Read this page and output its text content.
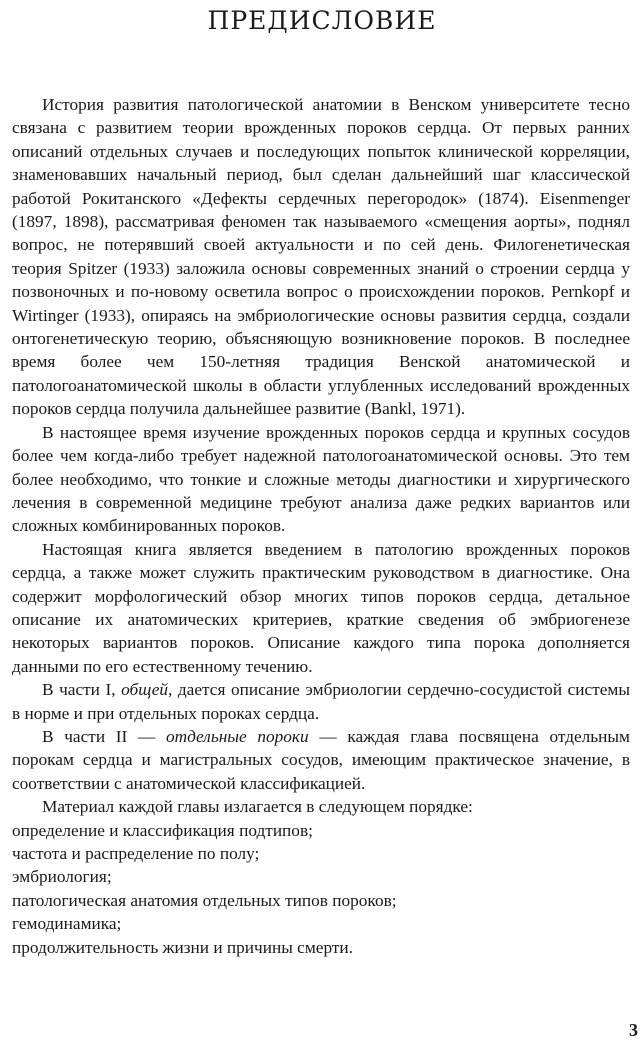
ПРЕДИСЛОВИЕ

История развития патологической анатомии в Венском университете тесно связана с развитием теории врожденных пороков сердца. От первых ранних описаний отдельных случаев и последующих попыток клинической корреляции, знаменовавших начальный период, был сделан дальнейший шаг классической работой Рокитанского «Дефекты сердечных перегородок» (1874). Eisenmenger (1897, 1898), рассматривая феномен так называемого «смещения аорты», поднял вопрос, не потерявший своей актуальности и по сей день. Филогенетическая теория Spitzer (1933) заложила основы современных знаний о строении сердца у позвоночных и по-новому осветила вопрос о происхождении пороков. Pernkopf и Wirtinger (1933), опираясь на эмбриологические основы развития сердца, создали онтогенетическую теорию, объясняющую возникновение пороков. В последнее время более чем 150-летняя традиция Венской анатомической и патологоанатомической школы в области углубленных исследований врожденных пороков сердца получила дальнейшее развитие (Bankl, 1971).

В настоящее время изучение врожденных пороков сердца и крупных сосудов более чем когда-либо требует надежной патологоанатомической основы. Это тем более необходимо, что тонкие и сложные методы диагностики и хирургического лечения в современной медицине требуют анализа даже редких вариантов или сложных комбинированных пороков.

Настоящая книга является введением в патологию врожденных пороков сердца, а также может служить практическим руководством в диагностике. Она содержит морфологический обзор многих типов пороков сердца, детальное описание их анатомических критериев, краткие сведения об эмбриогенезе некоторых вариантов пороков. Описание каждого типа порока дополняется данными по его естественному течению.

В части I, общей, дается описание эмбриологии сердечно-сосудистой системы в норме и при отдельных пороках сердца.

В части II — отдельные пороки — каждая глава посвящена отдельным порокам сердца и магистральных сосудов, имеющим практическое значение, в соответствии с анатомической классификацией.

Материал каждой главы излагается в следующем порядке:

определение и классификация подтипов;

частота и распределение по полу;

эмбриология;

патологическая анатомия отдельных типов пороков;

гемодинамика;

продолжительность жизни и причины смерти.

3
